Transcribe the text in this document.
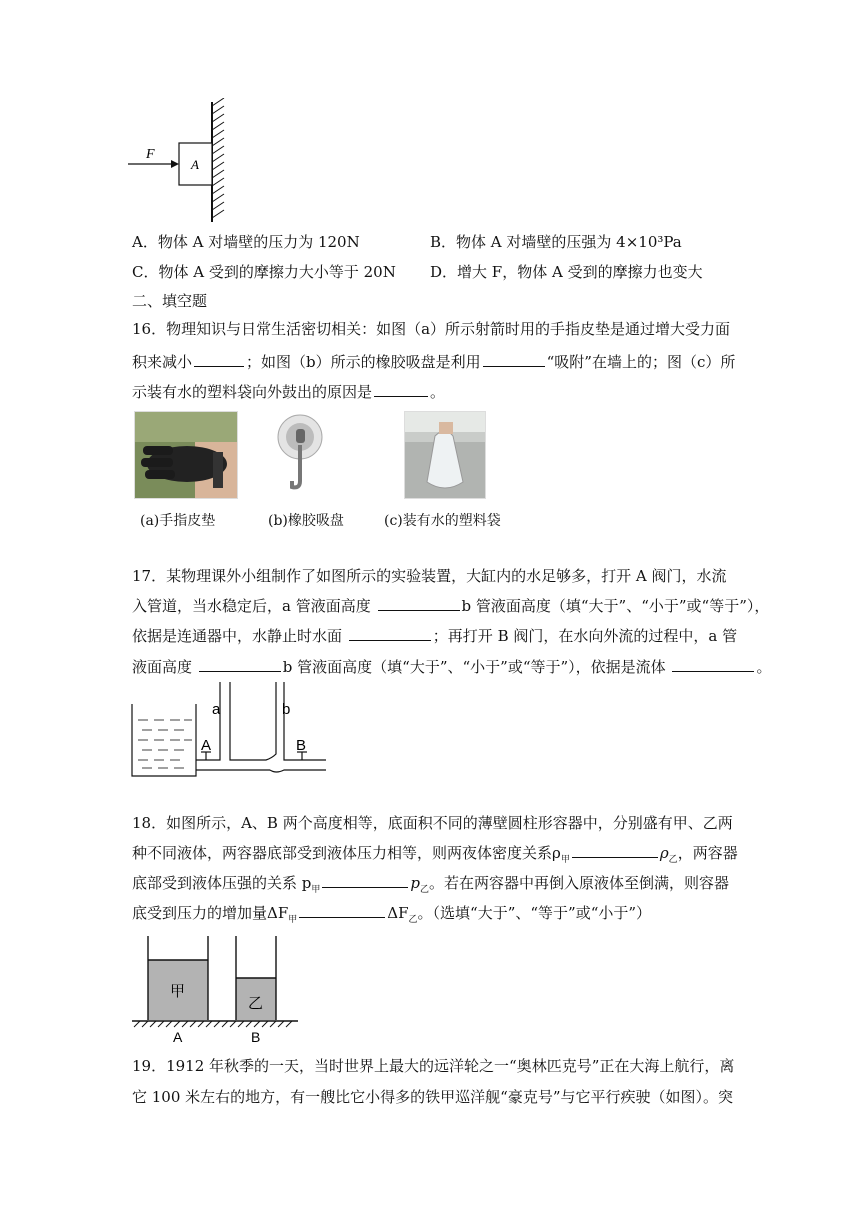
F
A
A．物体 A 对墙壁的压力为 120N	B．物体 A 对墙壁的压强为 4×10³Pa
C．物体 A 受到的摩擦力大小等于 20N D．增大 F，物体 A 受到的摩擦力也变大
二、填空题
16．物理知识与日常生活密切相关：如图（a）所示射箭时用的手指皮垫是通过增大受力面
积来减小	；如图（b）所示的橡胶吸盘是利用	“吸附”在墙上的；图（c）所
示装有水的塑料袋向外鼓出的原因是	。
(a)手指皮垫	(b)橡胶吸盘	(c)装有水的塑料袋
17．某物理课外小组制作了如图所示的实验装置，大缸内的水足够多，打开 A 阀门，水流
入管道，当水稳定后，a 管液面高度	b 管液面高度（填“大于”、“小于”或“等于”），
依据是连通器中，水静止时水面	；再打开 B 阀门，在水向外流的过程中，a 管
液面高度	b 管液面高度（填“大于”、“小于”或“等于”），依据是流体	。
a	b
A	B
18．如图所示，A、B 两个高度相等，底面积不同的薄壁圆柱形容器中，分别盛有甲、乙两
种不同液体，两容器底部受到液体压力相等，则两夜体密度关系$\rho_甲$	$\rho_乙$，两容器
底部受到液体压强的关系 $p_甲$	$p_乙$。若在两容器中再倒入原液体至倒满，则容器
底受到压力的增加量$\Delta F_甲$	$\Delta F_乙$。（选填“大于”、“等于”或“小于”）
甲
乙
A	B
19．1912 年秋季的一天，当时世界上最大的远洋轮之一“奥林匹克号”正在大海上航行，离
它 100 米左右的地方，有一艘比它小得多的铁甲巡洋舰“豪克号”与它平行疾驶（如图）。突
